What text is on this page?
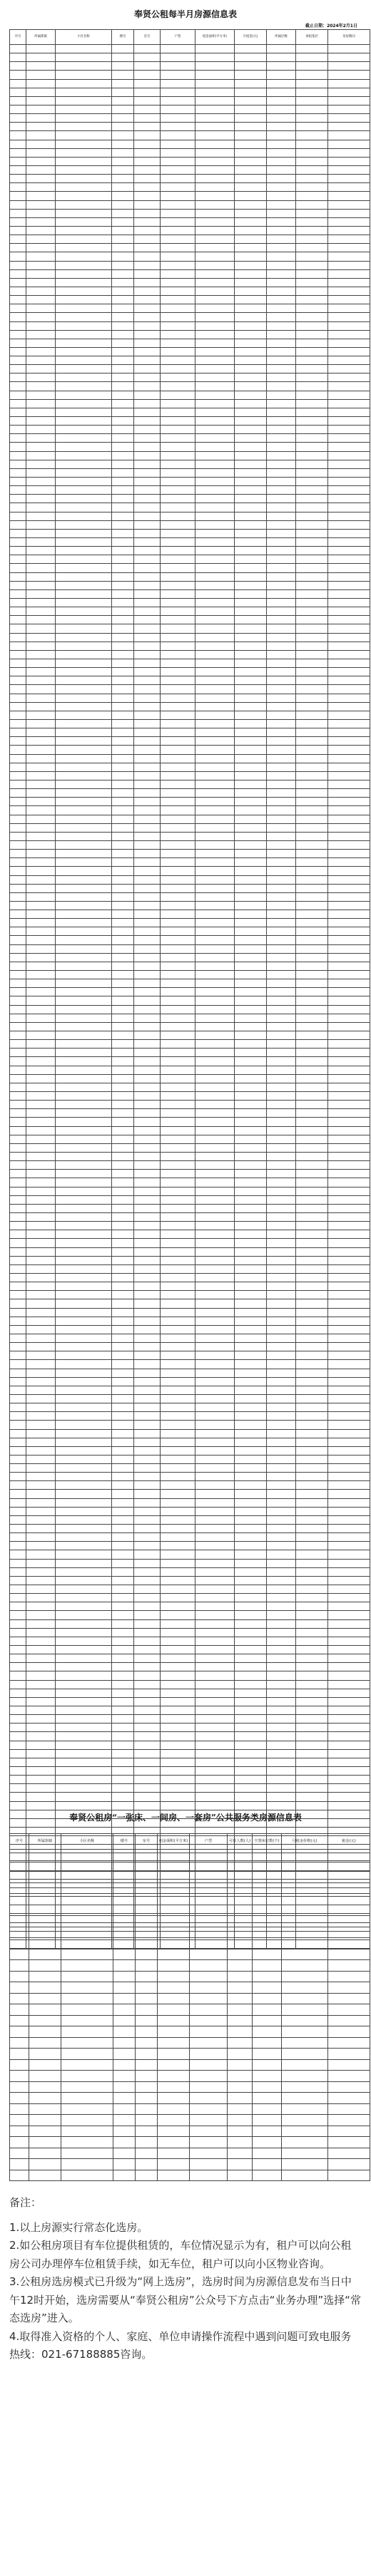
奉贤公租每半月房源信息表
截止日期：2024年2月1日
序号	所属街镇	小区名称	楼号	室号	户型	租金面积(平方米)	月租金(元)	所属层数	承租基层	房屋朝向

奉贤公租房“一张床、一间房、一套房”公共服务类房源信息表
序号	所属街镇	小区名称	楼号	室号	租金面积(平方米)	户型	可住人数(人)	空置床位数(个)	月租金价格(元)	租金(元)

备注：

1.以上房源实行常态化选房。

2.如公租房项目有车位提供租赁的，车位情况显示为有，租户可以向公租房公司办理停车位租赁手续，如无车位，租户可以向小区物业咨询。

3.公租房选房模式已升级为“网上选房”，选房时间为房源信息发布当日中午12时开始，选房需要从“奉贤公租房”公众号下方点击“业务办理”选择“常态选房”进入。

4.取得准入资格的个人、家庭、单位申请操作流程中遇到问题可致电服务热线：021-67188885咨询。
